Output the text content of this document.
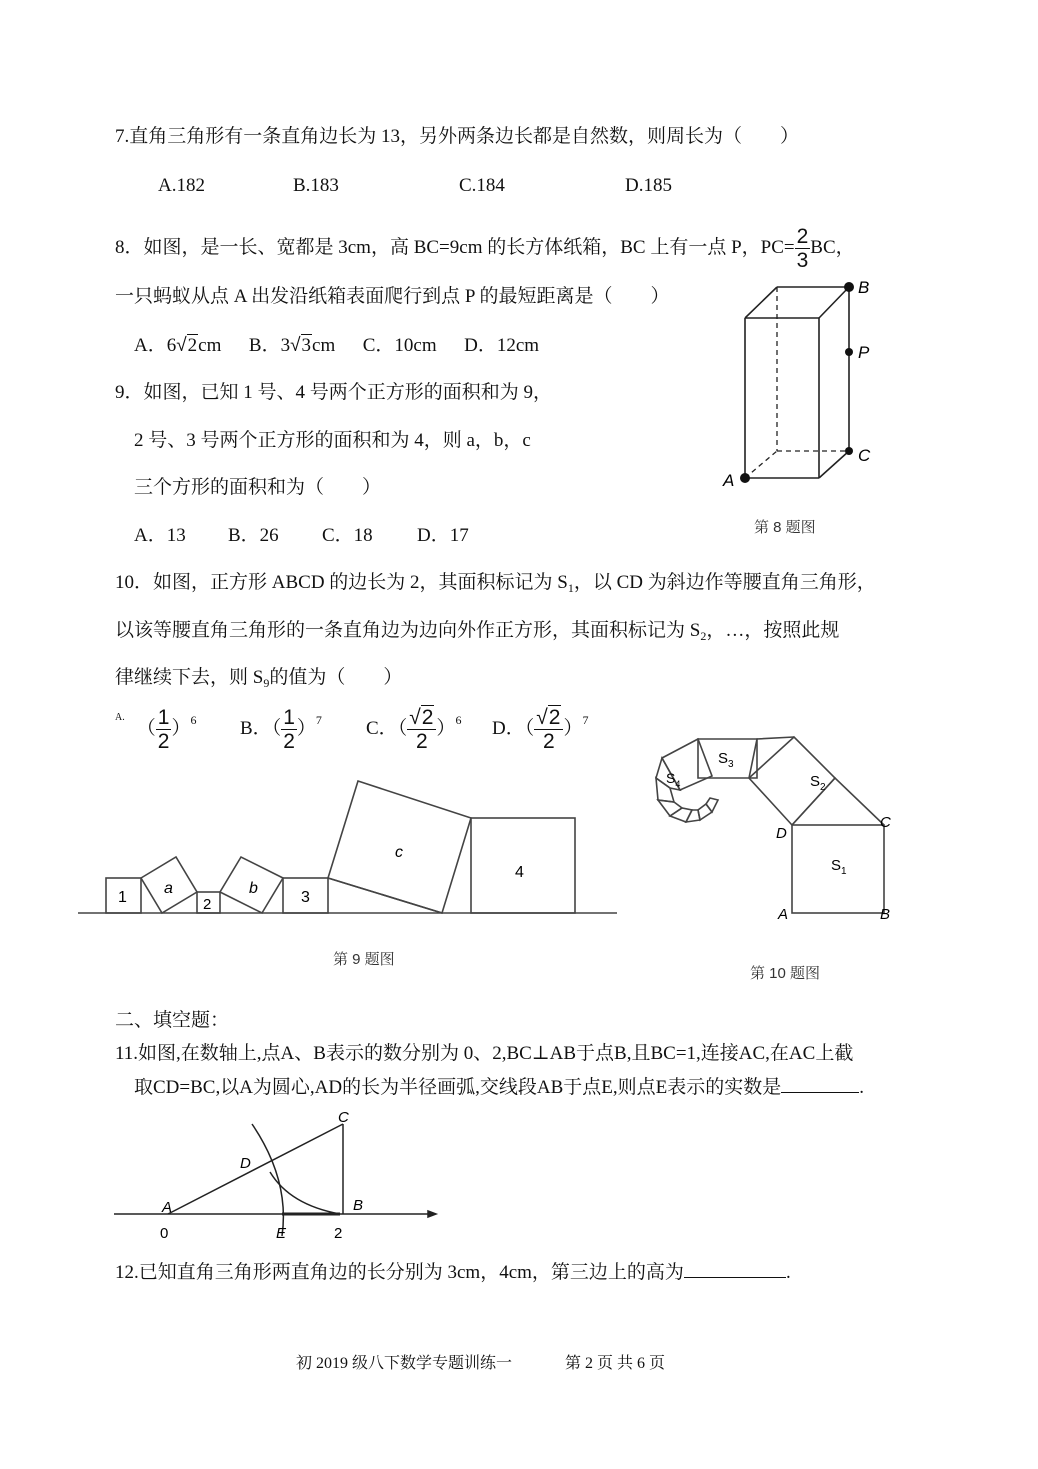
7.直角三角形有一条直角边长为 13，另外两条边长都是自然数，则周长为（　　）
A.182	B.183	C.184	D.185
8．如图，是一长、宽都是 3cm，高 BC=9cm 的长方体纸箱，BC 上有一点 P，$PC= \frac{2}{3}$ BC，
一只蚂蚁从点 A 出发沿纸箱表面爬行到点 P 的最短距离是（　　）
A．6√2cm B．3√3cm C．10cm D．12cm
B
P
C
A
第 8 题图
9．如图，已知 1 号、4 号两个正方形的面积和为 9，
2 号、3 号两个正方形的面积和为 4，则 a，b，c
三个方形的面积和为（　　）
A．13 B．26 C．18 D．17
10．如图，正方形 ABCD 的边长为 2，其面积标记为 $S_1$，以 CD 为斜边作等腰直角三角形，
以该等腰直角三角形的一条直角边为边向外作正方形，其面积标记为 $S_2$，…，按照此规
律继续下去，则 $S_9$的值为（　　）
$^{A.}( \frac{1}{2} )^6$ B．（ $\frac{1}{2} )^7$ C．（ $\frac{√2}{2} )^6$ D．（ $\frac{√2}{2} )^7$
1
a
2
b
3
c
4
第 9 题图
$S_1$
$S_2$
$S_3$
$S_4$
D
C
A	B
第 10 题图
二、填空题：
11.如图,在数轴上,点A、B表示的数分别为 0、2,BC⊥AB于点B,且BC=1,连接AC,在AC上截
取CD=BC,以A为圆心,AD的长为半径画弧,交线段AB于点E,则点E表示的实数是	.
C
D
A	B
E
0	2
12.已知直角三角形两直角边的长分别为 3cm，4cm，第三边上的高为	.
初 2019 级八下数学专题训练一	第 2 页 共 6 页
